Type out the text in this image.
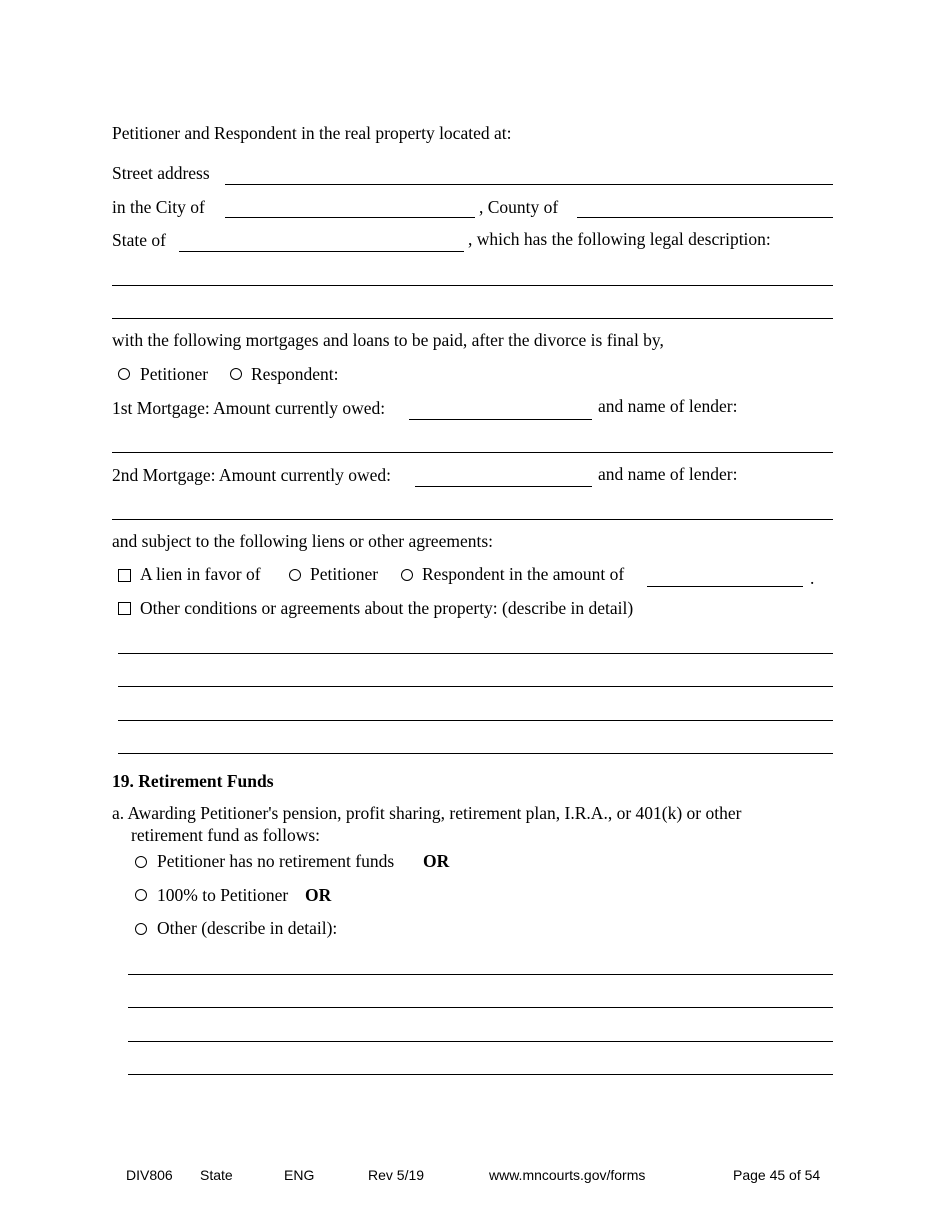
Petitioner and Respondent in the real property located at:
Street address
in the City of	, County of
State of	, which has the following legal description:
with the following mortgages and loans to be paid, after the divorce is final by,
Petitioner Respondent:
1st Mortgage: Amount currently owed:	and name of lender:
2nd Mortgage: Amount currently owed:	and name of lender:
and subject to the following liens or other agreements:
A lien in favor of	Petitioner	Respondent in the amount of	.
Other conditions or agreements about the property: (describe in detail)
19. Retirement Funds
a. Awarding Petitioner's pension, profit sharing, retirement plan, I.R.A., or 401(k) or other
retirement fund as follows:
Petitioner has no retirement funds OR
100% to Petitioner OR
Other (describe in detail):
DIV806 State	ENG	Rev 5/19	www.mncourts.gov/forms	Page 45 of 54
